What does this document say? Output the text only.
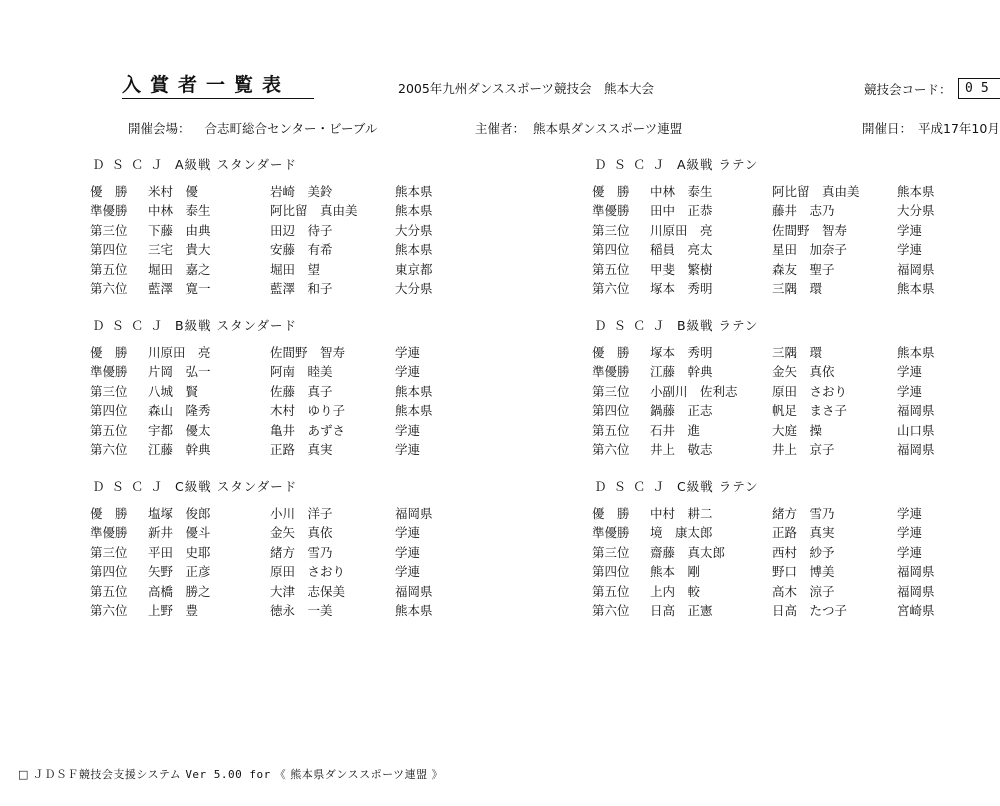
入賞者一覧表	2005年九州ダンススポーツ競技会　熊本大会	競技会コード：	05
開催会場： 合志町総合センター・ビーブル	主催者： 熊本県ダンススポーツ連盟	開催日： 平成17年10月
ＤＳＣＪ A級戦 スタンダード
優　勝 米村　優	岩崎　美鈴	熊本県
準優勝 中林　泰生	阿比留　真由美	熊本県
第三位 下藤　由典	田辺　待子	大分県
第四位 三宅　貴大	安藤　有希	熊本県
第五位 堀田　嘉之	堀田　望	東京都
第六位 藍澤　寛一	藍澤　和子	大分県
ＤＳＣＪ A級戦 ラテン
優　勝 中林　泰生	阿比留　真由美	熊本県
準優勝 田中　正恭	藤井　志乃	大分県
第三位 川原田　亮	佐間野　智寿	学連
第四位 稲員　亮太	星田　加奈子	学連
第五位 甲斐　繁樹	森友　聖子	福岡県
第六位 塚本　秀明	三隅　環	熊本県
ＤＳＣＪ B級戦 スタンダード
優　勝 川原田　亮	佐間野　智寿	学連
準優勝 片岡　弘一	阿南　睦美	学連
第三位 八城　賢	佐藤　真子	熊本県
第四位 森山　隆秀	木村　ゆり子	熊本県
第五位 宇都　優太	亀井　あずさ	学連
第六位 江藤　幹典	正路　真実	学連
ＤＳＣＪ B級戦 ラテン
優　勝 塚本　秀明	三隅　環	熊本県
準優勝 江藤　幹典	金矢　真依	学連
第三位 小副川　佐利志	原田　さおり	学連
第四位 鍋藤　正志	帆足　まさ子	福岡県
第五位 石井　進	大庭　操	山口県
第六位 井上　敬志	井上　京子	福岡県
ＤＳＣＪ C級戦 スタンダード
優　勝 塩塚　俊郎	小川　洋子	福岡県
準優勝 新井　優斗	金矢　真依	学連
第三位 平田　史耶	緒方　雪乃	学連
第四位 矢野　正彦	原田　さおり	学連
第五位 高橋　勝之	大津　志保美	福岡県
第六位 上野　豊	徳永　一美	熊本県
ＤＳＣＪ C級戦 ラテン
優　勝 中村　耕二	緒方　雪乃	学連
準優勝 境　康太郎	正路　真実	学連
第三位 齋藤　真太郎	西村　紗予	学連
第四位 熊本　剛	野口　博美	福岡県
第五位 上内　較	高木　涼子	福岡県
第六位 日高　正憲	日高　たつ子	宮崎県
□ ＪＤＳＦ競技会支援システム Ver 5.00 for 《 熊本県ダンススポーツ連盟 》
